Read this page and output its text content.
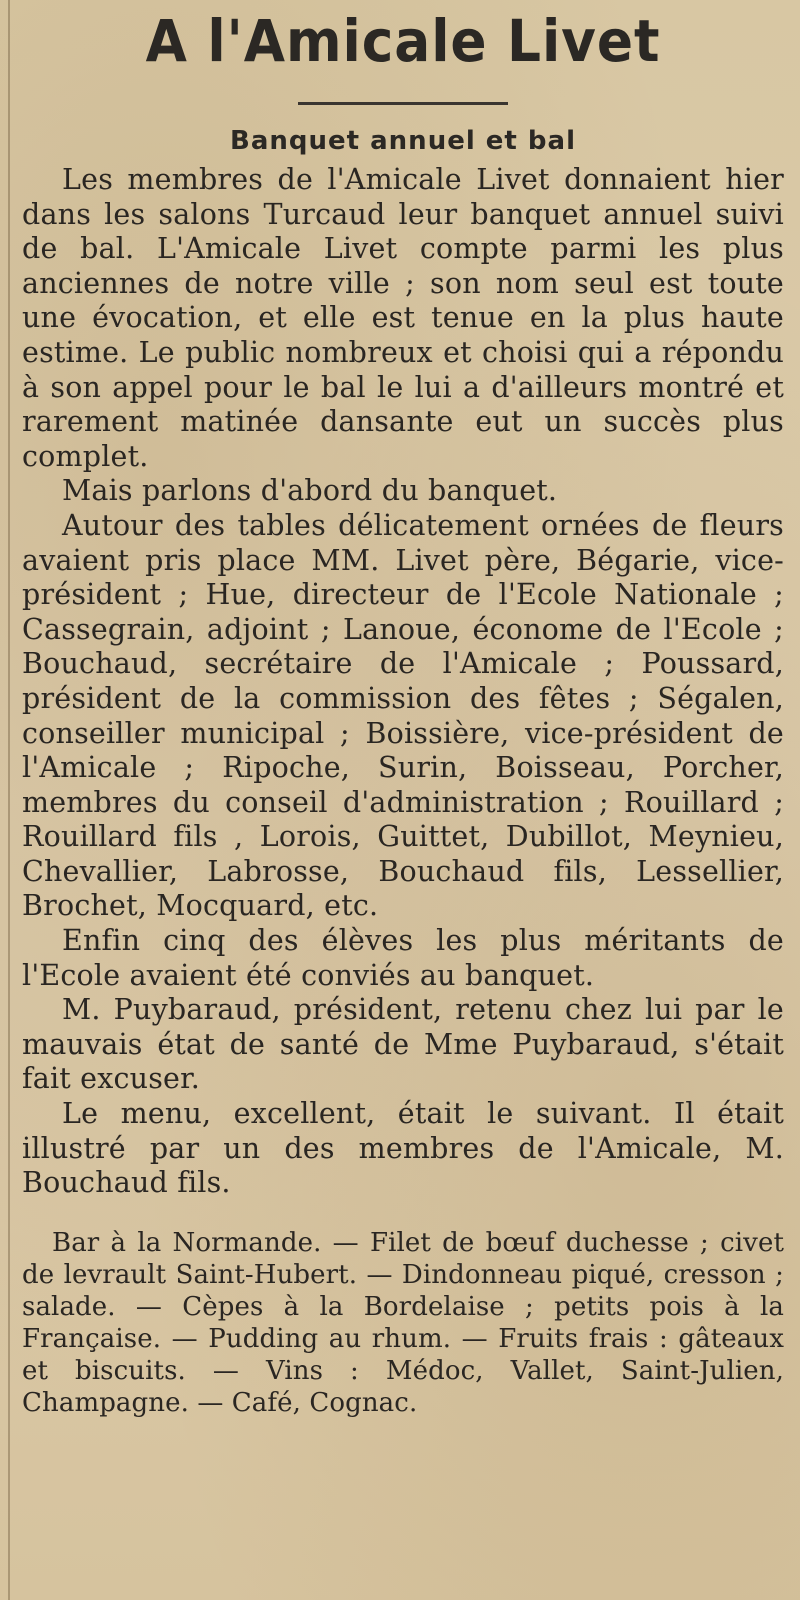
A l'Amicale Livet
Banquet annuel et bal

Les membres de l'Amicale Livet donnaient hier dans les salons Turcaud leur banquet annuel suivi de bal. L'Amicale Livet compte parmi les plus anciennes de notre ville ; son nom seul est toute une évocation, et elle est tenue en la plus haute estime. Le public nombreux et choisi qui a répondu à son appel pour le bal le lui a d'ailleurs montré et rarement matinée dansante eut un succès plus complet.

Mais parlons d'abord du banquet.

Autour des tables délicatement ornées de fleurs avaient pris place MM. Livet père, Bégarie, vice-président ; Hue, directeur de l'Ecole Nationale ; Cassegrain, adjoint ; Lanoue, économe de l'Ecole ; Bouchaud, secrétaire de l'Amicale ; Poussard, président de la commission des fêtes ; Ségalen, conseiller municipal ; Boissière, vice-président de l'Amicale ; Ripoche, Surin, Boisseau, Porcher, membres du conseil d'administration ; Rouillard ; Rouillard fils , Lorois, Guittet, Dubillot, Meynieu, Chevallier, Labrosse, Bouchaud fils, Lessellier, Brochet, Mocquard, etc.

Enfin cinq des élèves les plus méritants de l'Ecole avaient été conviés au banquet.

M. Puybaraud, président, retenu chez lui par le mauvais état de santé de Mme Puybaraud, s'était fait excuser.

Le menu, excellent, était le suivant. Il était illustré par un des membres de l'Amicale, M. Bouchaud fils.

Bar à la Normande. — Filet de bœuf duchesse ; civet de levrault Saint-Hubert. — Dindonneau piqué, cresson ; salade. — Cèpes à la Bordelaise ; petits pois à la Française. — Pudding au rhum. — Fruits frais : gâteaux et biscuits. — Vins : Médoc, Vallet, Saint-Julien, Champagne. — Café, Cognac.
